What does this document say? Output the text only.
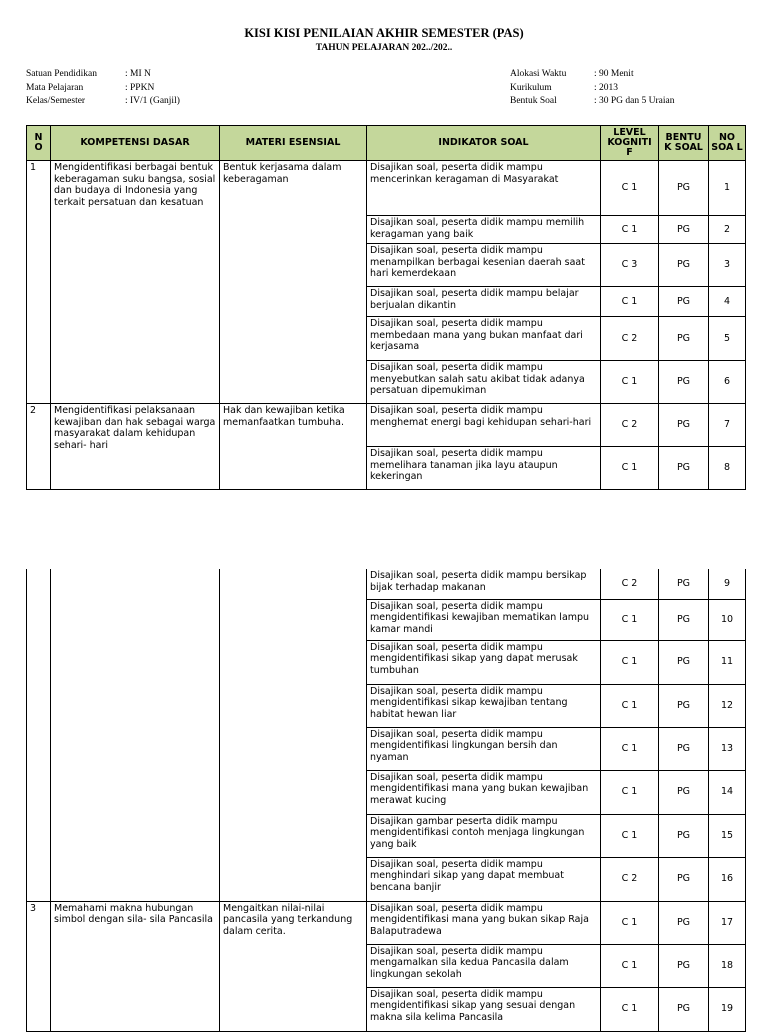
KISI KISI PENILAIAN AKHIR SEMESTER (PAS)
TAHUN PELAJARAN 202../202..
Satuan Pendidikan	: MI N
Mata Pelajaran	: PPKN
Kelas/Semester	: IV/1 (Ganjil)
Alokasi Waktu	: 90 Menit
Kurikulum	: 2013
Bentuk Soal	: 30 PG dan 5 Uraian
N O	KOMPETENSI DASAR	MATERI ESENSIAL	INDIKATOR SOAL	LEVEL KOGNITI F	BENTU K SOAL	NO SOA L
1	Mengidentifikasi berbagai bentuk keberagaman suku bangsa, sosial dan budaya di Indonesia yang terkait persatuan dan kesatuan	Bentuk kerjasama dalam keberagaman	Disajikan soal, peserta didik mampu mencerinkan keragaman di Masyarakat	C 1	PG	1
			Disajikan soal, peserta didik mampu memilih keragaman yang baik	C 1	PG	2
			Disajikan soal, peserta didik mampu menampilkan berbagai kesenian daerah saat hari kemerdekaan	C 3	PG	3
			Disajikan soal, peserta didik mampu belajar berjualan dikantin	C 1	PG	4
			Disajikan soal, peserta didik mampu membedaan mana yang bukan manfaat dari kerjasama	C 2	PG	5
			Disajikan soal, peserta didik mampu menyebutkan salah satu akibat tidak adanya persatuan dipemukiman	C 1	PG	6
2	Mengidentifikasi pelaksanaan kewajiban dan hak sebagai warga masyarakat dalam kehidupan sehari- hari	Hak dan kewajiban ketika memanfaatkan tumbuha.	Disajikan soal, peserta didik mampu menghemat energi bagi kehidupan sehari-hari	C 2	PG	7
			Disajikan soal, peserta didik mampu memelihara tanaman jika layu ataupun kekeringan	C 1	PG	8
			Disajikan soal, peserta didik mampu bersikap bijak terhadap makanan	C 2	PG	9
			Disajikan soal, peserta didik mampu mengidentifikasi kewajiban mematikan lampu kamar mandi	C 1	PG	10
			Disajikan soal, peserta didik mampu mengidentifikasi sikap yang dapat merusak tumbuhan	C 1	PG	11
			Disajikan soal, peserta didik mampu mengidentifikasi sikap kewajiban tentang habitat hewan liar	C 1	PG	12
			Disajikan soal, peserta didik mampu mengidentifikasi lingkungan bersih dan nyaman	C 1	PG	13
			Disajikan soal, peserta didik mampu mengidentifikasi mana yang bukan kewajiban merawat kucing	C 1	PG	14
			Disajikan gambar peserta didik mampu mengidentifikasi contoh menjaga lingkungan yang baik	C 1	PG	15
			Disajikan soal, peserta didik mampu menghindari sikap yang dapat membuat bencana banjir	C 2	PG	16
3	Memahami makna hubungan simbol dengan sila- sila Pancasila	Mengaitkan nilai-nilai pancasila yang terkandung dalam cerita.	Disajikan soal, peserta didik mampu mengidentifikasi mana yang bukan sikap Raja Balaputradewa	C 1	PG	17
			Disajikan soal, peserta didik mampu mengamalkan sila kedua Pancasila dalam lingkungan sekolah	C 1	PG	18
			Disajikan soal, peserta didik mampu mengidentifikasi sikap yang sesuai dengan makna sila kelima Pancasila	C 1	PG	19
